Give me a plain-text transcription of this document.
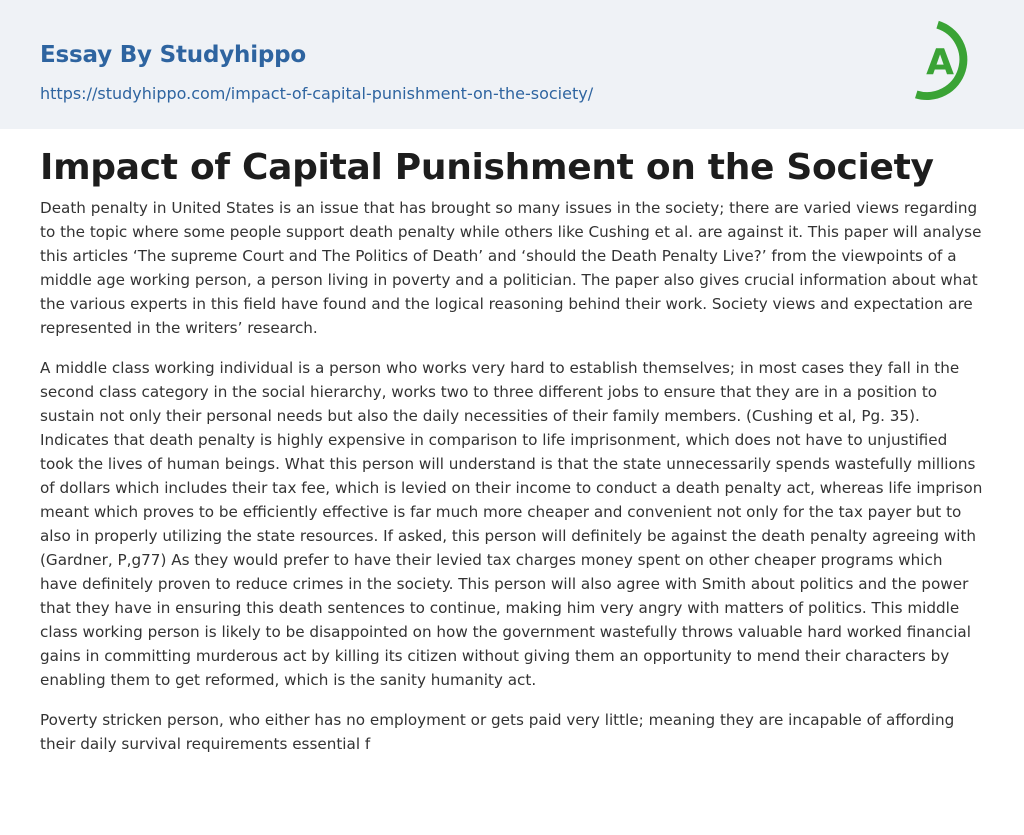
Essay By Studyhippo
https://studyhippo.com/impact-of-capital-punishment-on-the-society/
A
Impact of Capital Punishment on the Society

Death penalty in United States is an issue that has brought so many issues in the society; there are varied views regarding to the topic where some people support death penalty while others like Cushing et al. are against it. This paper will analyse this articles ‘The supreme Court and The Politics of Death’ and ‘should the Death Penalty Live?’ from the viewpoints of a middle age working person, a person living in poverty and a politician. The paper also gives crucial information about what the various experts in this field have found and the logical reasoning behind their work. Society views and expectation are represented in the writers’ research.

A middle class working individual is a person who works very hard to establish themselves; in most cases they fall in the second class category in the social hierarchy, works two to three different jobs to ensure that they are in a position to sustain not only their personal needs but also the daily necessities of their family members. (Cushing et al, Pg. 35). Indicates that death penalty is highly expensive in comparison to life imprisonment, which does not have to unjustified took the lives of human beings. What this person will understand is that the state unnecessarily spends wastefully millions of dollars which includes their tax fee, which is levied on their income to conduct a death penalty act, whereas life imprison meant which proves to be efficiently effective is far much more cheaper and convenient not only for the tax payer but to also in properly utilizing the state resources. If asked, this person will definitely be against the death penalty agreeing with (Gardner, P,g77) As they would prefer to have their levied tax charges money spent on other cheaper programs which have definitely proven to reduce crimes in the society. This person will also agree with Smith about politics and the power that they have in ensuring this death sentences to continue, making him very angry with matters of politics. This middle class working person is likely to be disappointed on how the government wastefully throws valuable hard worked financial gains in committing murderous act by killing its citizen without giving them an opportunity to mend their characters by enabling them to get reformed, which is the sanity humanity act.

Poverty stricken person, who either has no employment or gets paid very little; meaning they are incapable of affording their daily survival requirements essential f
